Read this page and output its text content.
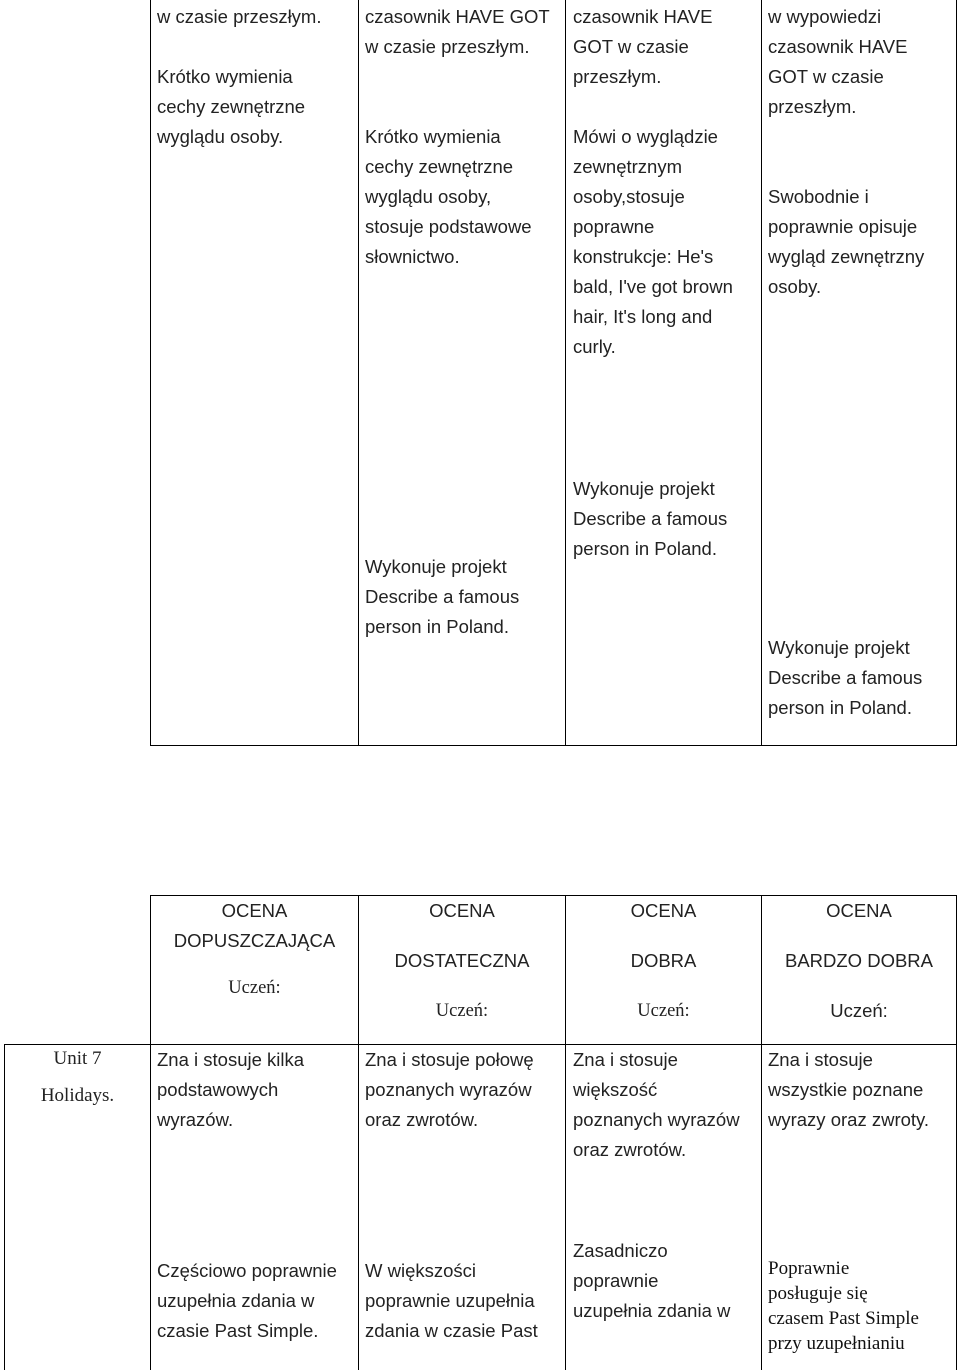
w czasie przeszłym.

Krótko wymienia
cechy zewnętrzne
wyglądu osoby.
czasownik HAVE GOT
w czasie przeszłym.

Krótko wymienia
cechy zewnętrzne
wyglądu osoby,
stosuje podstawowe
słownictwo.
czasownik HAVE
GOT w czasie
przeszłym.

Mówi o wyglądzie
zewnętrznym
osoby,stosuje
poprawne
konstrukcje: He's
bald, I've got brown
hair, It's long and
curly.
w wypowiedzi
czasownik HAVE
GOT w czasie
przeszłym.

Swobodnie i
poprawnie opisuje
wygląd zewnętrzny
osoby.
Wykonuje projekt
Describe a famous
person in Poland.
Wykonuje projekt
Describe a famous
person in Poland.
Wykonuje projekt
Describe a famous
person in Poland.
OCENA
DOPUSZCZAJĄCA
Uczeń:
OCENA
DOSTATECZNA
Uczeń:
OCENA
DOBRA
Uczeń:
OCENA
BARDZO DOBRA
Uczeń:
Unit 7
Holidays.
Zna i stosuje kilka
podstawowych
wyrazów.
Zna i stosuje połowę
poznanych wyrazów
oraz zwrotów.
Zna i stosuje
większość
poznanych wyrazów
oraz zwrotów.
Zna i stosuje
wszystkie poznane
wyrazy oraz zwroty.
Częściowo poprawnie
uzupełnia zdania w
czasie Past Simple.
W większości
poprawnie uzupełnia
zdania w czasie Past
Zasadniczo
poprawnie
uzupełnia zdania w
Poprawnie
posługuje się
czasem Past Simple
przy uzupełnianiu
